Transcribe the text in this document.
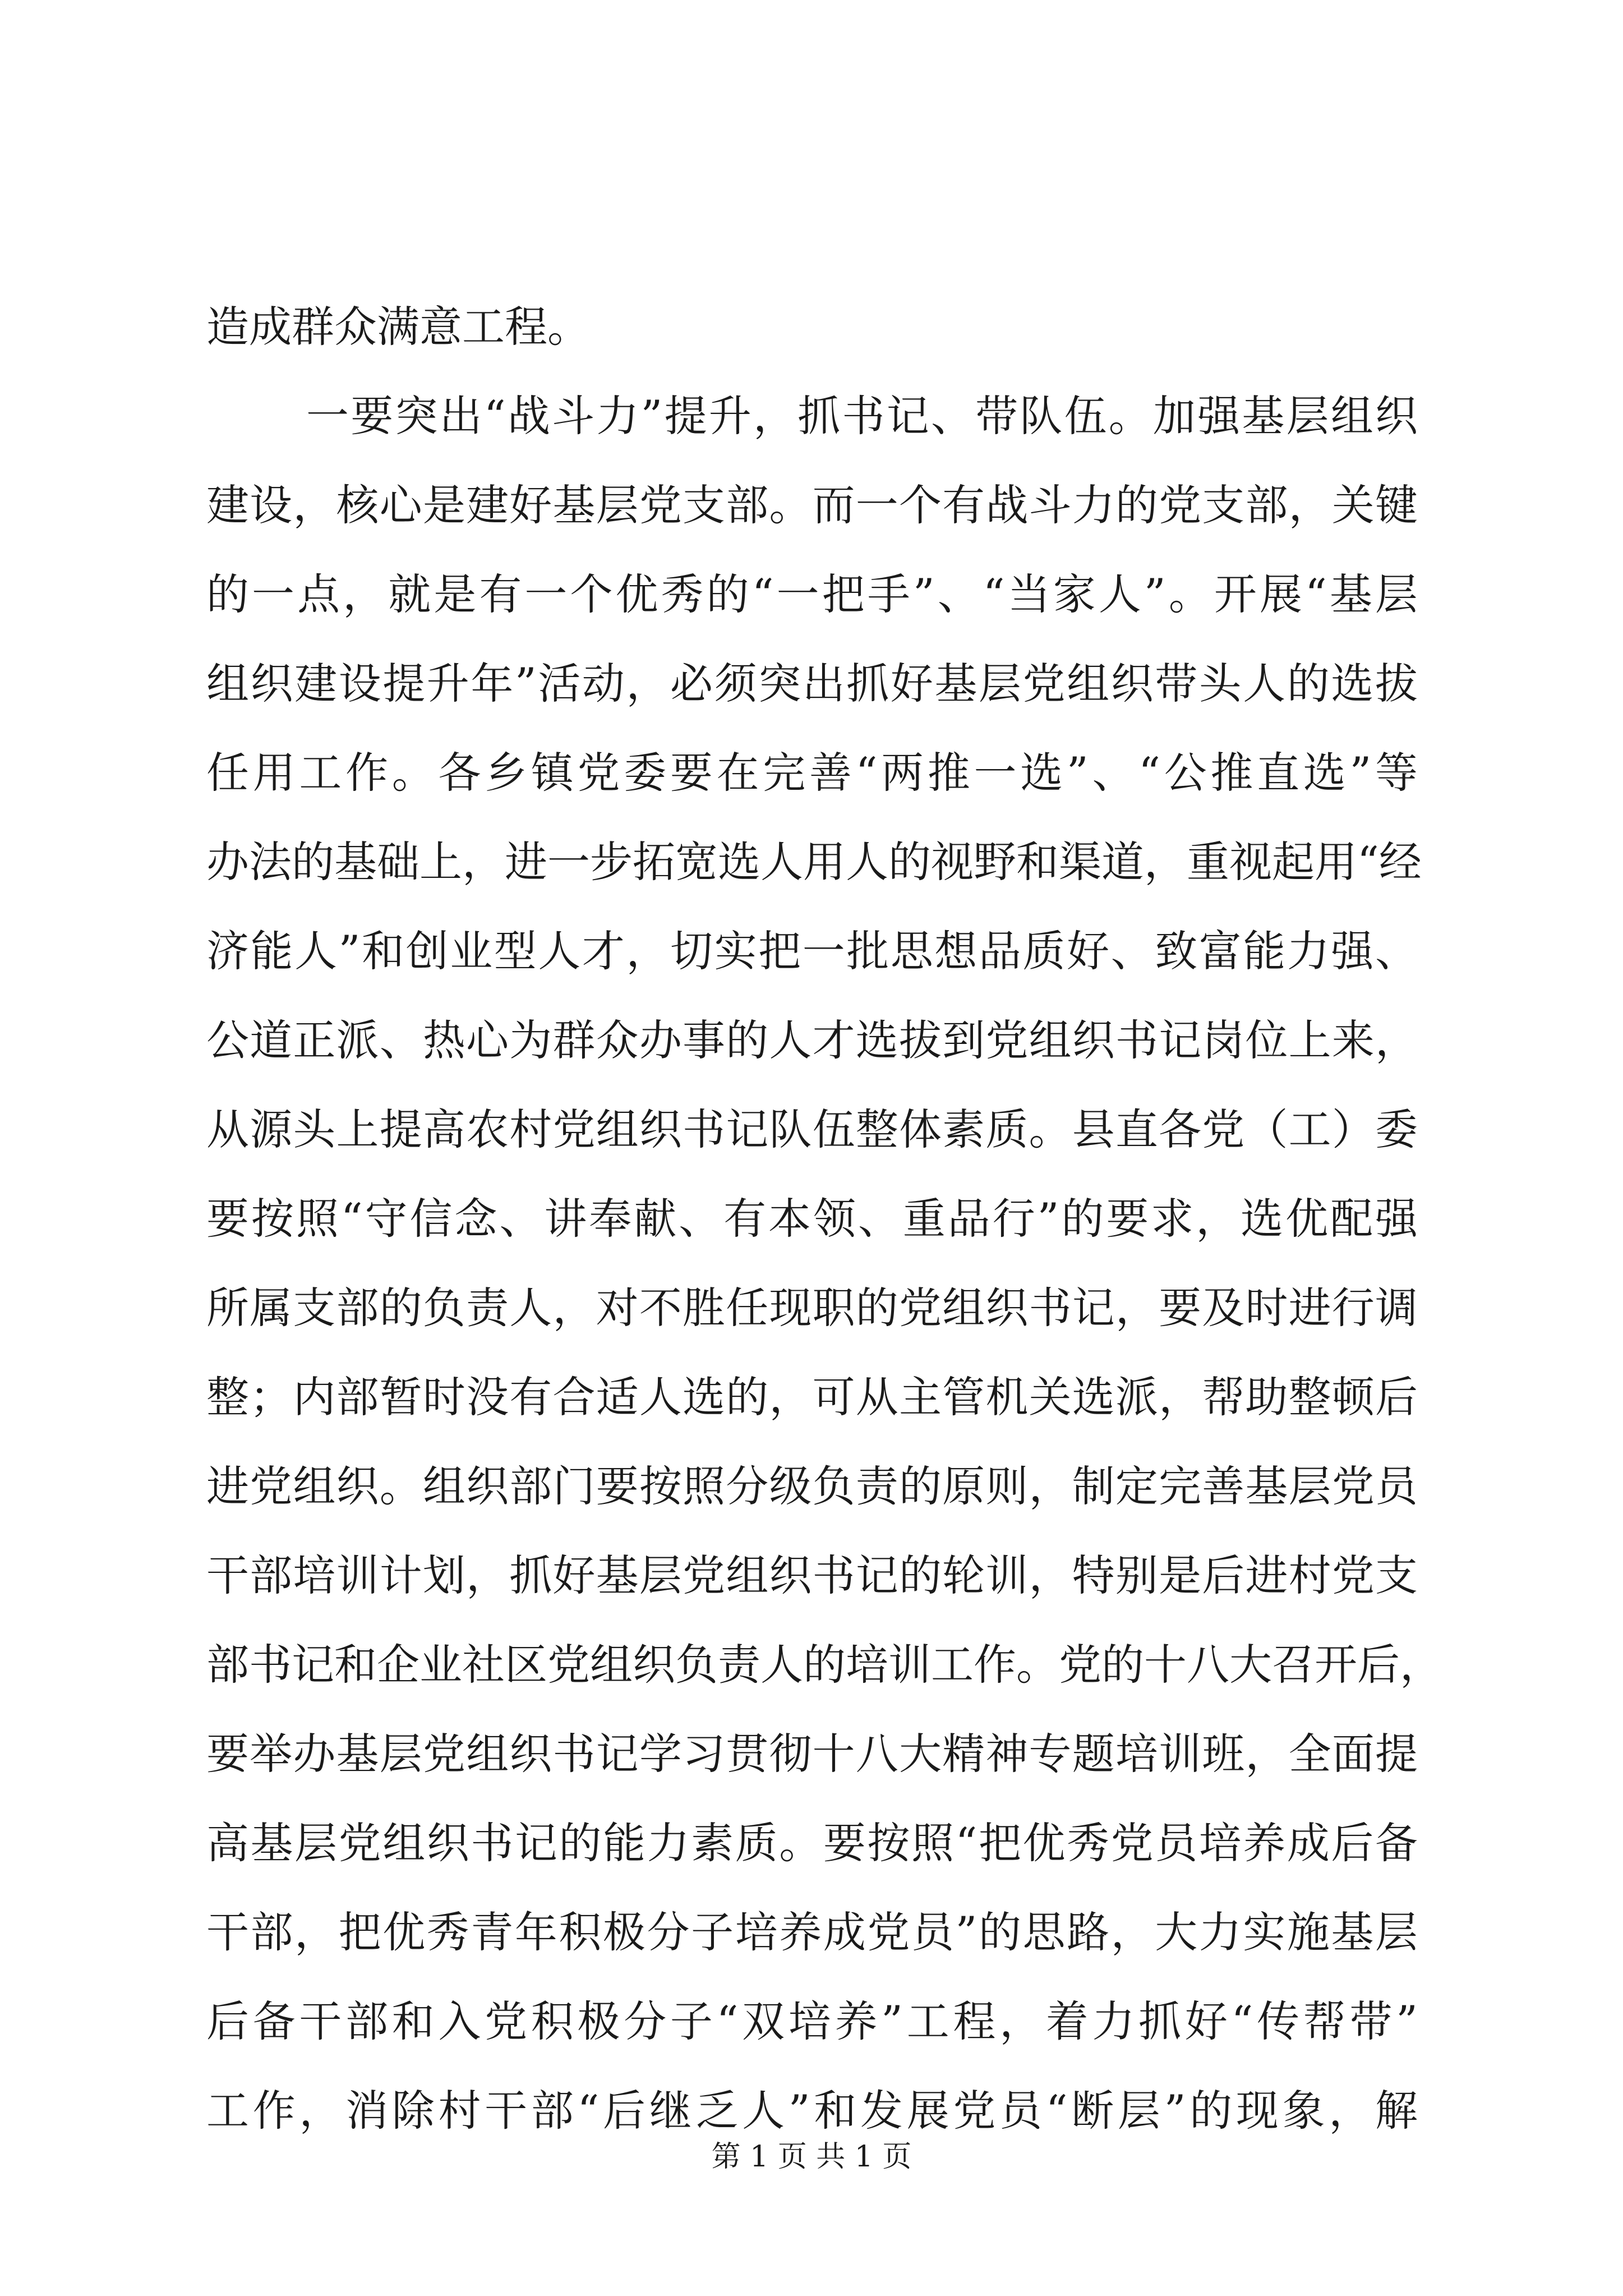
造成群众满意工程。
一要突出“战斗力”提升，抓书记、带队伍。加强基层组织
建设，核心是建好基层党支部。而一个有战斗力的党支部，关键
的一点，就是有一个优秀的“一把手”、“当家人”。开展“基层
组织建设提升年”活动，必须突出抓好基层党组织带头人的选拔
任用工作。各乡镇党委要在完善“两推一选”、“公推直选”等
办法的基础上，进一步拓宽选人用人的视野和渠道，重视起用“经
济能人”和创业型人才，切实把一批思想品质好、致富能力强、
公道正派、热心为群众办事的人才选拔到党组织书记岗位上来，
从源头上提高农村党组织书记队伍整体素质。县直各党（工）委
要按照“守信念、讲奉献、有本领、重品行”的要求，选优配强
所属支部的负责人，对不胜任现职的党组织书记，要及时进行调
整；内部暂时没有合适人选的，可从主管机关选派，帮助整顿后
进党组织。组织部门要按照分级负责的原则，制定完善基层党员
干部培训计划，抓好基层党组织书记的轮训，特别是后进村党支
部书记和企业社区党组织负责人的培训工作。党的十八大召开后，
要举办基层党组织书记学习贯彻十八大精神专题培训班，全面提
高基层党组织书记的能力素质。要按照“把优秀党员培养成后备
干部，把优秀青年积极分子培养成党员”的思路，大力实施基层
后备干部和入党积极分子“双培养”工程，着力抓好“传帮带”
工作，消除村干部“后继乏人”和发展党员“断层”的现象，解
第 1 页 共 1 页
